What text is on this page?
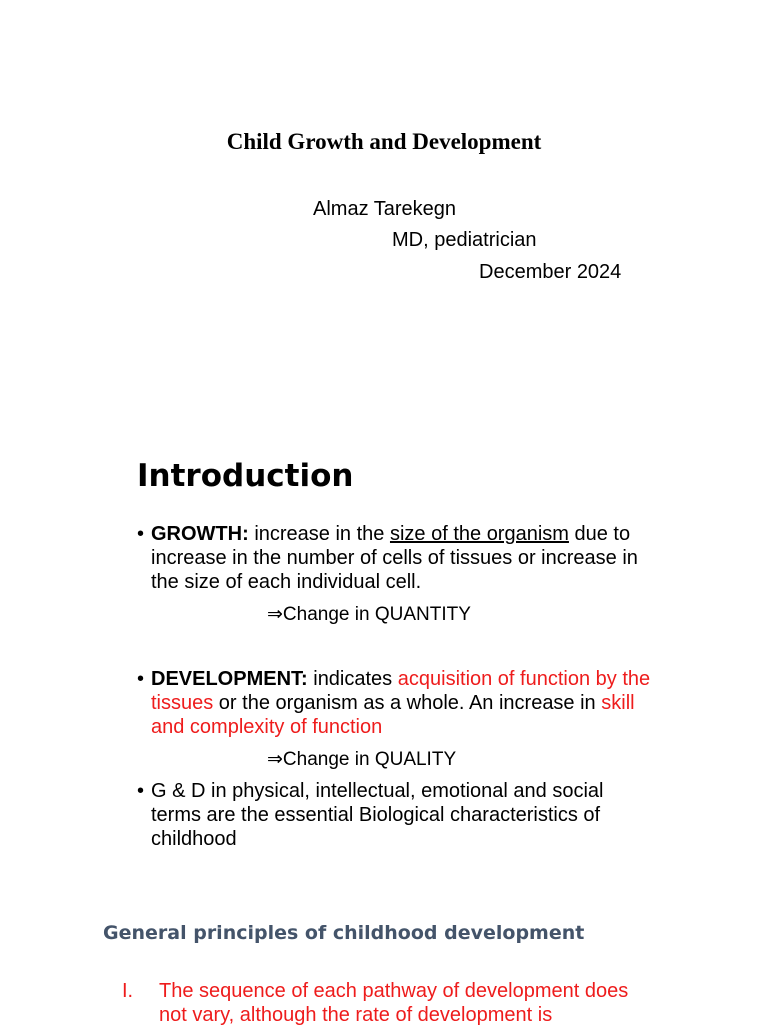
Child Growth and Development
Almaz Tarekegn
MD, pediatrician
December 2024
Introduction
• GROWTH: increase in the size of the organism due to increase in the number of cells of tissues or increase in the size of each individual cell.
⇒Change in QUANTITY
• DEVELOPMENT: indicates acquisition of function by the tissues or the organism as a whole. An increase in skill and complexity of function
⇒Change in QUALITY
• G & D in physical, intellectual, emotional and social terms are the essential Biological characteristics of childhood
General principles of childhood development
I. The sequence of each pathway of development does not vary, although the rate of development is
